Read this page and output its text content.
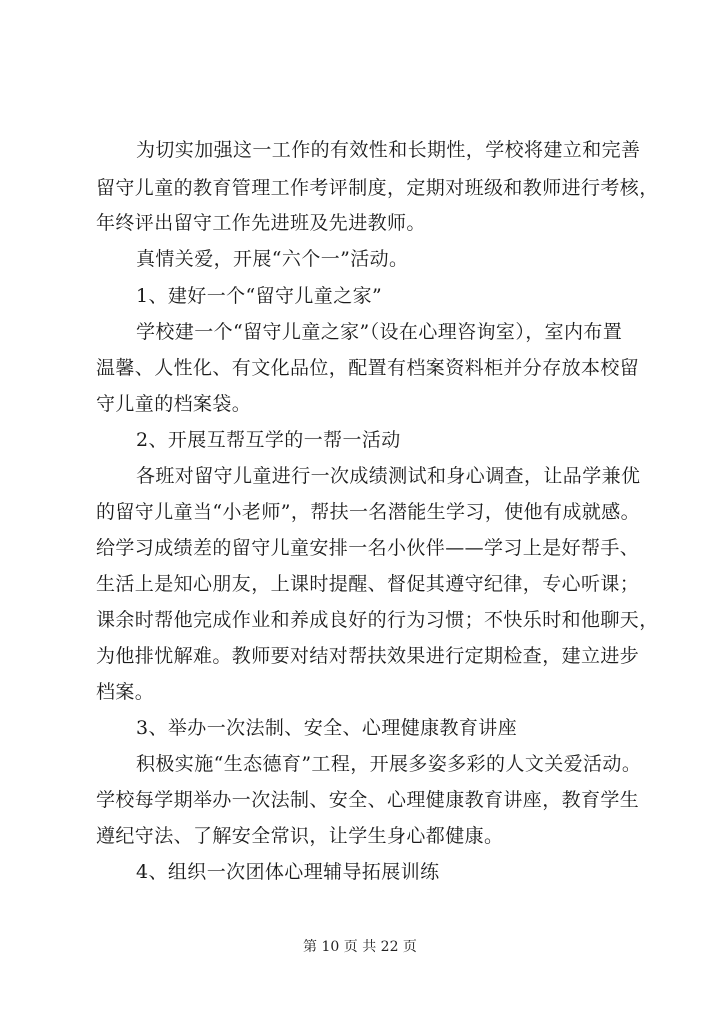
为切实加强这一工作的有效性和长期性，学校将建立和完善
留守儿童的教育管理工作考评制度，定期对班级和教师进行考核，
年终评出留守工作先进班及先进教师。
真情关爱，开展“六个一”活动。
1、建好一个“留守儿童之家”
学校建一个“留守儿童之家”（设在心理咨询室），室内布置
温馨、人性化、有文化品位，配置有档案资料柜并分存放本校留
守儿童的档案袋。
2、开展互帮互学的一帮一活动
各班对留守儿童进行一次成绩测试和身心调查，让品学兼优
的留守儿童当“小老师”，帮扶一名潜能生学习，使他有成就感。
给学习成绩差的留守儿童安排一名小伙伴——学习上是好帮手、
生活上是知心朋友，上课时提醒、督促其遵守纪律，专心听课；
课余时帮他完成作业和养成良好的行为习惯；不快乐时和他聊天，
为他排忧解难。教师要对结对帮扶效果进行定期检查，建立进步
档案。
3、举办一次法制、安全、心理健康教育讲座
积极实施“生态德育”工程，开展多姿多彩的人文关爱活动。
学校每学期举办一次法制、安全、心理健康教育讲座，教育学生
遵纪守法、了解安全常识，让学生身心都健康。
4、组织一次团体心理辅导拓展训练
第 10 页 共 22 页
